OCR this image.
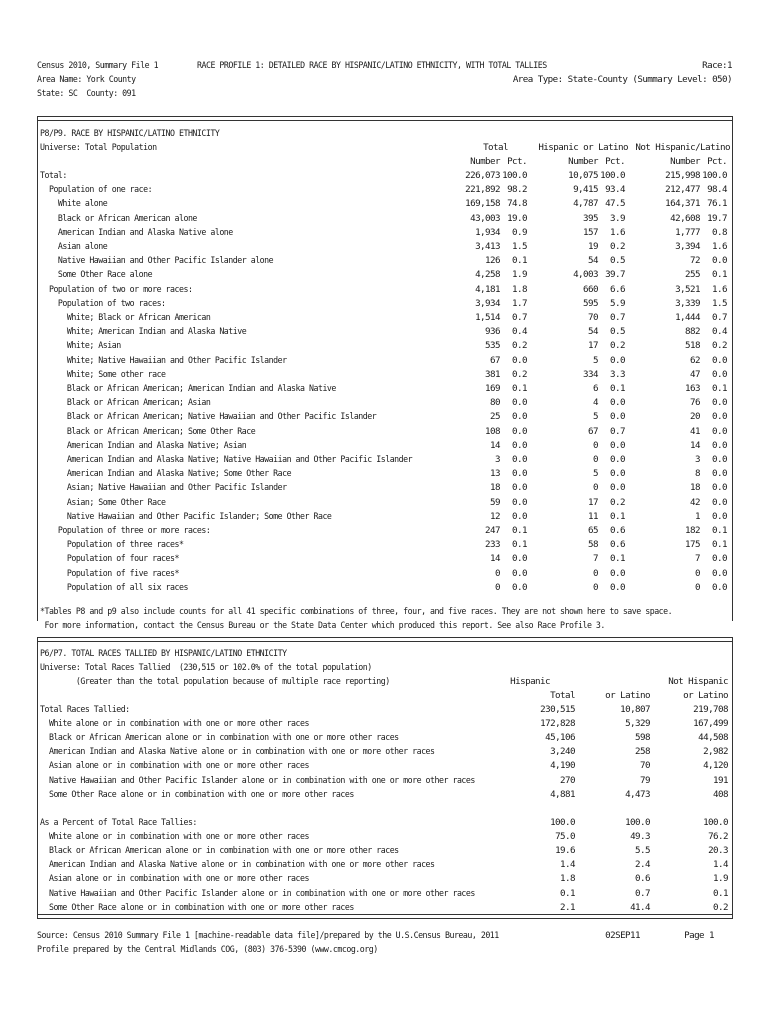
Census 2010, Summary File 1
Area Name: York County
State: SC  County: 091
RACE PROFILE 1: DETAILED RACE BY HISPANIC/LATINO ETHNICITY, WITH TOTAL TALLIES	Race:1
Area Type: State-County (Summary Level: 050)
P8/P9. RACE BY HISPANIC/LATINO ETHNICITY
Universe: Total Population	Total	Hispanic or Latino Not Hispanic/Latino
Number Pct.	Number Pct.	Number Pct.
Total:	226,073 100.0	10,075 100.0	215,998 100.0
Population of one race:	221,892 98.2	9,415 93.4	212,477 98.4
White alone	169,158 74.8	4,787 47.5	164,371 76.1
Black or African American alone	43,003 19.0	395 3.9	42,608 19.7
American Indian and Alaska Native alone	1,934 0.9	157 1.6	1,777 0.8
Asian alone	3,413 1.5	19 0.2	3,394 1.6
Native Hawaiian and Other Pacific Islander alone	126 0.1	54 0.5	72 0.0
Some Other Race alone	4,258 1.9	4,003 39.7	255 0.1
Population of two or more races:	4,181 1.8	660 6.6	3,521 1.6
Population of two races:	3,934 1.7	595 5.9	3,339 1.5
White; Black or African American	1,514 0.7	70 0.7	1,444 0.7
White; American Indian and Alaska Native	936 0.4	54 0.5	882 0.4
White; Asian	535 0.2	17 0.2	518 0.2
White; Native Hawaiian and Other Pacific Islander	67 0.0	5 0.0	62 0.0
White; Some other race	381 0.2	334 3.3	47 0.0
Black or African American; American Indian and Alaska Native	169 0.1	6 0.1	163 0.1
Black or African American; Asian	80 0.0	4 0.0	76 0.0
Black or African American; Native Hawaiian and Other Pacific Islander	25 0.0	5 0.0	20 0.0
Black or African American; Some Other Race	108 0.0	67 0.7	41 0.0
American Indian and Alaska Native; Asian	14 0.0	0 0.0	14 0.0
American Indian and Alaska Native; Native Hawaiian and Other Pacific Islander	3 0.0	0 0.0	3 0.0
American Indian and Alaska Native; Some Other Race	13 0.0	5 0.0	8 0.0
Asian; Native Hawaiian and Other Pacific Islander	18 0.0	0 0.0	18 0.0
Asian; Some Other Race	59 0.0	17 0.2	42 0.0
Native Hawaiian and Other Pacific Islander; Some Other Race	12 0.0	11 0.1	1 0.0
Population of three or more races:	247 0.1	65 0.6	182 0.1
Population of three races*	233 0.1	58 0.6	175 0.1
Population of four races*	14 0.0	7 0.1	7 0.0
Population of five races*	0 0.0	0 0.0	0 0.0
Population of all six races	0 0.0	0 0.0	0 0.0
*Tables P8 and p9 also include counts for all 41 specific combinations of three, four, and five races. They are not shown here to save space.
For more information, contact the Census Bureau or the State Data Center which produced this report. See also Race Profile 3.
P6/P7. TOTAL RACES TALLIED BY HISPANIC/LATINO ETHNICITY
Universe: Total Races Tallied  (230,515 or 102.0% of the total population)
(Greater than the total population because of multiple race reporting)	Hispanic	Not Hispanic
Total	or Latino	or Latino
Total Races Tallied:	230,515	10,807	219,708
White alone or in combination with one or more other races	172,828	5,329	167,499
Black or African American alone or in combination with one or more other races	45,106	598	44,508
American Indian and Alaska Native alone or in combination with one or more other races	3,240	258	2,982
Asian alone or in combination with one or more other races	4,190	70	4,120
Native Hawaiian and Other Pacific Islander alone or in combination with one or more other races	270	79	191
Some Other Race alone or in combination with one or more other races	4,881	4,473	408
As a Percent of Total Race Tallies:	100.0	100.0	100.0
White alone or in combination with one or more other races	75.0	49.3	76.2
Black or African American alone or in combination with one or more other races	19.6	5.5	20.3
American Indian and Alaska Native alone or in combination with one or more other races	1.4	2.4	1.4
Asian alone or in combination with one or more other races	1.8	0.6	1.9
Native Hawaiian and Other Pacific Islander alone or in combination with one or more other races	0.1	0.7	0.1
Some Other Race alone or in combination with one or more other races	2.1	41.4	0.2
Source: Census 2010 Summary File 1 [machine-readable data file]/prepared by the U.S.Census Bureau, 2011	02SEP11	Page 1
Profile prepared by the Central Midlands COG, (803) 376-5390 (www.cmcog.org)
